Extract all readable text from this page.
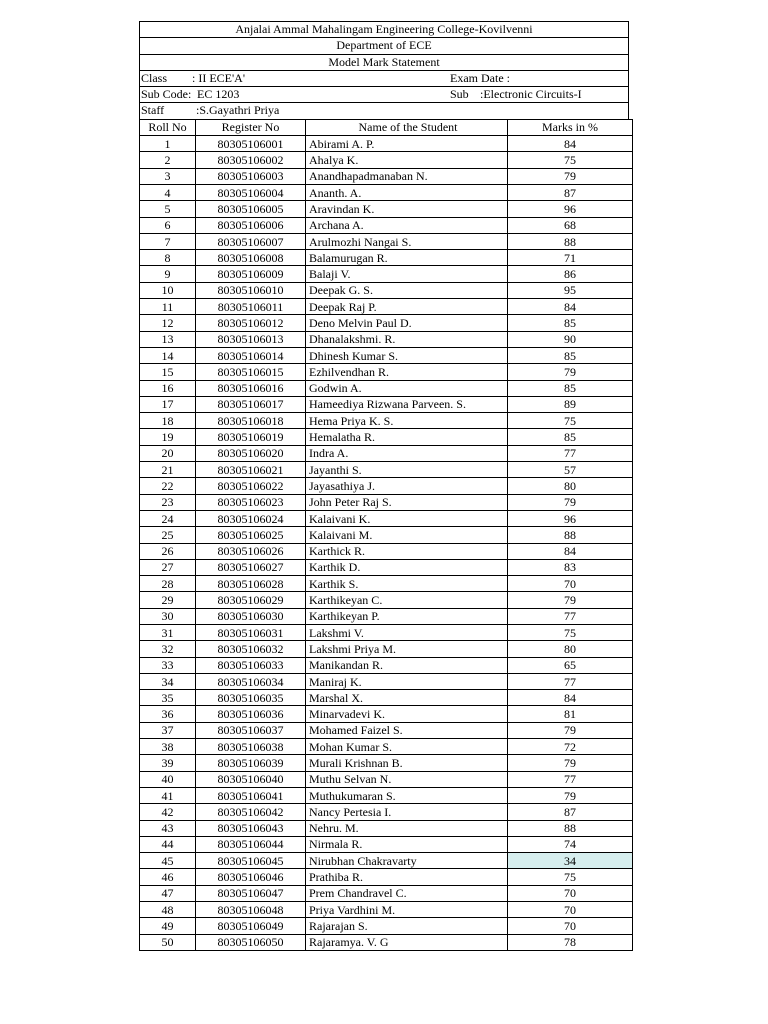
Anjalai Ammal Mahalingam Engineering College-Kovilvenni
Department of ECE
Model Mark Statement
Class : II ECE'A'	Exam Date :
Sub Code: EC 1203	Sub :Electronic Circuits-I
Staff	:S.Gayathri Priya
Roll No	Register No	Name of the Student	Marks in %
1	80305106001	Abirami A. P.	84
2	80305106002	Ahalya K.	75
3	80305106003	Anandhapadmanaban N.	79
4	80305106004	Ananth. A.	87
5	80305106005	Aravindan K.	96
6	80305106006	Archana A.	68
7	80305106007	Arulmozhi Nangai S.	88
8	80305106008	Balamurugan R.	71
9	80305106009	Balaji V.	86
10	80305106010	Deepak G. S.	95
11	80305106011	Deepak Raj P.	84
12	80305106012	Deno Melvin Paul D.	85
13	80305106013	Dhanalakshmi. R.	90
14	80305106014	Dhinesh Kumar S.	85
15	80305106015	Ezhilvendhan R.	79
16	80305106016	Godwin A.	85
17	80305106017	Hameediya Rizwana Parveen. S.	89
18	80305106018	Hema Priya K. S.	75
19	80305106019	Hemalatha R.	85
20	80305106020	Indra A.	77
21	80305106021	Jayanthi S.	57
22	80305106022	Jayasathiya J.	80
23	80305106023	John Peter Raj S.	79
24	80305106024	Kalaivani K.	96
25	80305106025	Kalaivani M.	88
26	80305106026	Karthick R.	84
27	80305106027	Karthik D.	83
28	80305106028	Karthik S.	70
29	80305106029	Karthikeyan C.	79
30	80305106030	Karthikeyan P.	77
31	80305106031	Lakshmi V.	75
32	80305106032	Lakshmi Priya M.	80
33	80305106033	Manikandan R.	65
34	80305106034	Maniraj K.	77
35	80305106035	Marshal X.	84
36	80305106036	Minarvadevi K.	81
37	80305106037	Mohamed Faizel S.	79
38	80305106038	Mohan Kumar S.	72
39	80305106039	Murali Krishnan B.	79
40	80305106040	Muthu Selvan N.	77
41	80305106041	Muthukumaran S.	79
42	80305106042	Nancy Pertesia I.	87
43	80305106043	Nehru. M.	88
44	80305106044	Nirmala R.	74
45	80305106045	Nirubhan Chakravarty	34
46	80305106046	Prathiba R.	75
47	80305106047	Prem Chandravel C.	70
48	80305106048	Priya Vardhini M.	70
49	80305106049	Rajarajan S.	70
50	80305106050	Rajaramya. V. G	78
